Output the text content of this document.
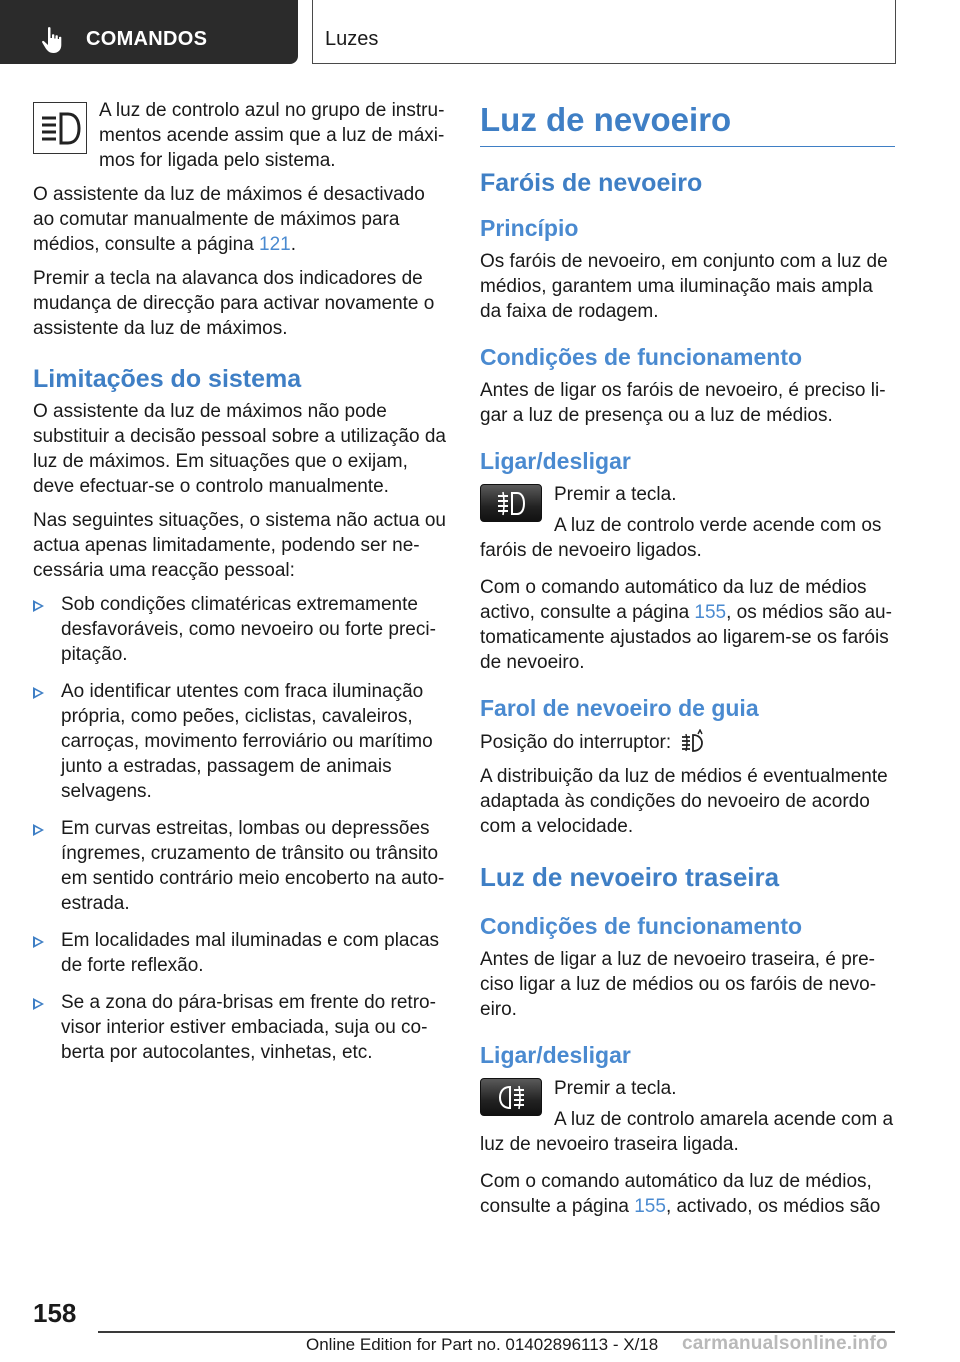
COMANDOS	Luzes

A luz de controlo azul no grupo de instrumentos acende assim que a luz de máximos for ligada pelo sistema.

O assistente da luz de máximos é desactivado ao comutar manualmente de máximos para médios, consulte a página 121.

Premir a tecla na alavanca dos indicadores de mudança de direcção para activar novamente o assistente da luz de máximos.

Limitações do sistema

O assistente da luz de máximos não pode substituir a decisão pessoal sobre a utilização da luz de máximos. Em situações que o exijam, deve efectuar-se o controlo manualmente.

Nas seguintes situações, o sistema não actua ou actua apenas limitadamente, podendo ser necessária uma reacção pessoal:

Sob condições climatéricas extremamente desfavoráveis, como nevoeiro ou forte precipitação.
Ao identificar utentes com fraca iluminação própria, como peões, ciclistas, cavaleiros, carroças, movimento ferroviário ou marítimo junto a estradas, passagem de animais selvagens.
Em curvas estreitas, lombas ou depressões íngremes, cruzamento de trânsito ou trânsito em sentido contrário meio encoberto na auto-estrada.
Em localidades mal iluminadas e com placas de forte reflexão.
Se a zona do pára-brisas em frente do retrovisor interior estiver embaciada, suja ou coberta por autocolantes, vinhetas, etc.
Luz de nevoeiro
Faróis de nevoeiro
Princípio

Os faróis de nevoeiro, em conjunto com a luz de médios, garantem uma iluminação mais ampla da faixa de rodagem.

Condições de funcionamento

Antes de ligar os faróis de nevoeiro, é preciso ligar a luz de presença ou a luz de médios.

Ligar/desligar

Premir a tecla.

A luz de controlo verde acende com os faróis de nevoeiro ligados.

Com o comando automático da luz de médios activo, consulte a página 155, os médios são automaticamente ajustados ao ligarem-se os faróis de nevoeiro.

Farol de nevoeiro de guia

Posição do interruptor:

A distribuição da luz de médios é eventualmente adaptada às condições do nevoeiro de acordo com a velocidade.

Luz de nevoeiro traseira
Condições de funcionamento

Antes de ligar a luz de nevoeiro traseira, é preciso ligar a luz de médios ou os faróis de nevoeiro.

Ligar/desligar

Premir a tecla.

A luz de controlo amarela acende com a luz de nevoeiro traseira ligada.

Com o comando automático da luz de médios, consulte a página 155, activado, os médios são

158
Online Edition for Part no. 01402896113 - X/18 carmanualsonline.info
